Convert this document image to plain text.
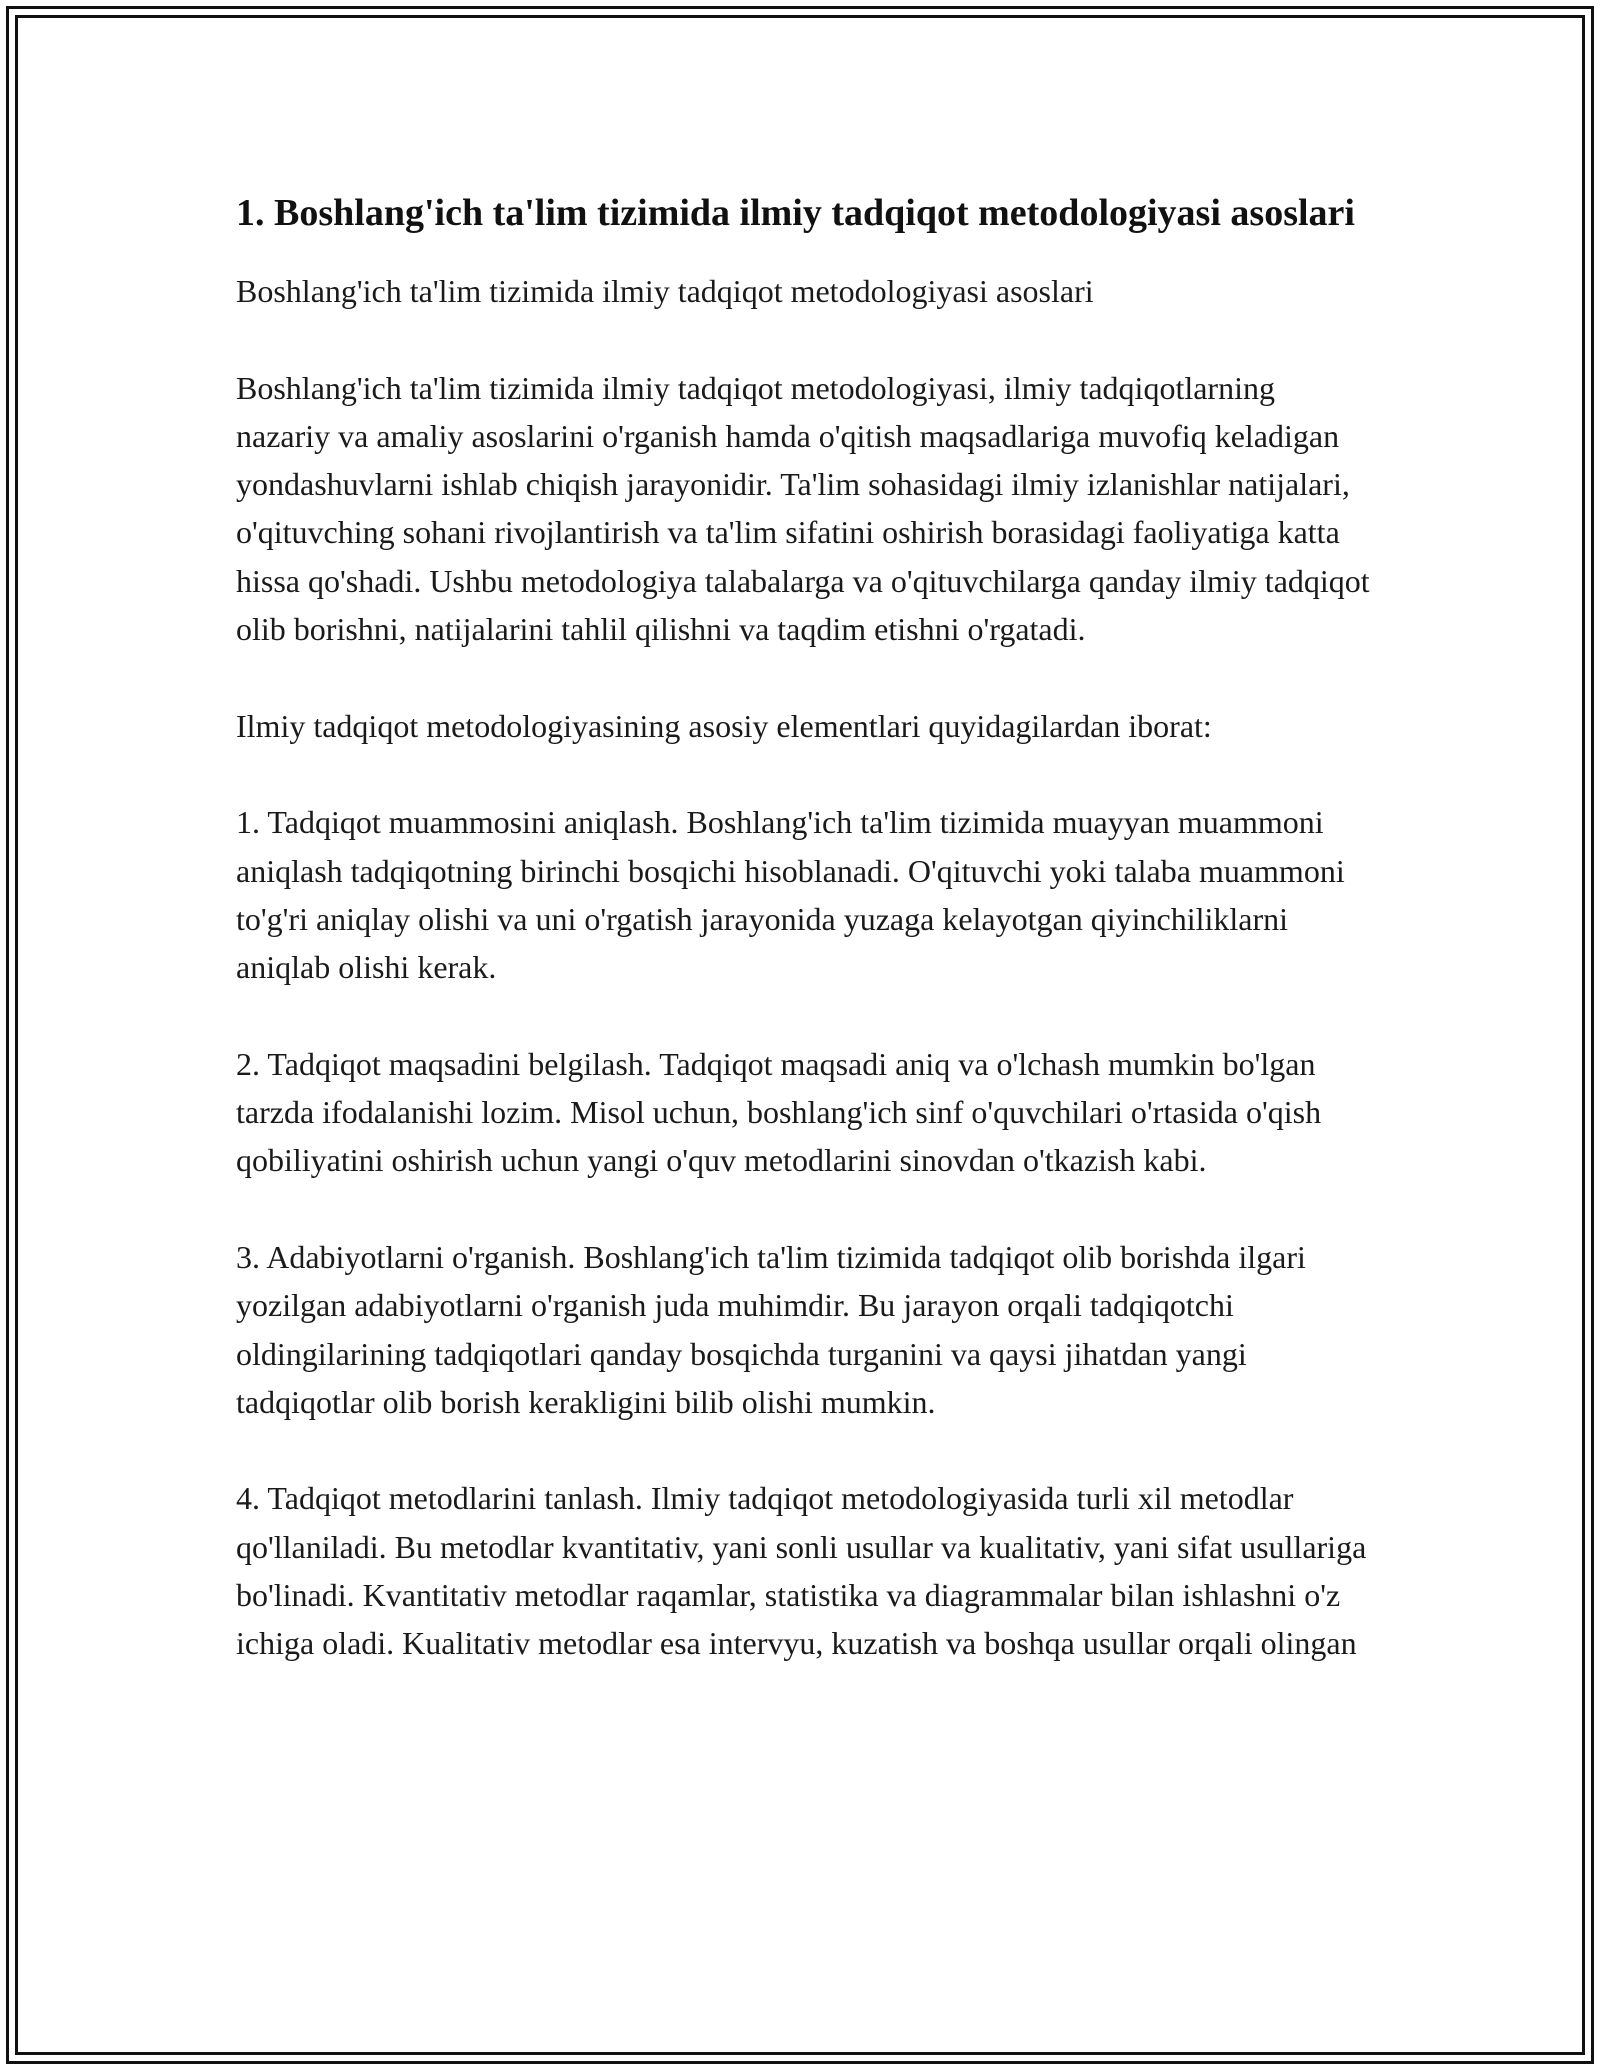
1. Boshlang'ich ta'lim tizimida ilmiy tadqiqot metodologiyasi asoslari

Boshlang'ich ta'lim tizimida ilmiy tadqiqot metodologiyasi asoslari

Boshlang'ich ta'lim tizimida ilmiy tadqiqot metodologiyasi, ilmiy tadqiqotlarning nazariy va amaliy asoslarini o'rganish hamda o'qitish maqsadlariga muvofiq keladigan yondashuvlarni ishlab chiqish jarayonidir. Ta'lim sohasidagi ilmiy izlanishlar natijalari, o'qituvching sohani rivojlantirish va ta'lim sifatini oshirish borasidagi faoliyatiga katta hissa qo'shadi. Ushbu metodologiya talabalarga va o'qituvchilarga qanday ilmiy tadqiqot olib borishni, natijalarini tahlil qilishni va taqdim etishni o'rgatadi.

Ilmiy tadqiqot metodologiyasining asosiy elementlari quyidagilardan iborat:

1. Tadqiqot muammosini aniqlash. Boshlang'ich ta'lim tizimida muayyan muammoni aniqlash tadqiqotning birinchi bosqichi hisoblanadi. O'qituvchi yoki talaba muammoni to'g'ri aniqlay olishi va uni o'rgatish jarayonida yuzaga kelayotgan qiyinchiliklarni aniqlab olishi kerak.

2. Tadqiqot maqsadini belgilash. Tadqiqot maqsadi aniq va o'lchash mumkin bo'lgan tarzda ifodalanishi lozim. Misol uchun, boshlang'ich sinf o'quvchilari o'rtasida o'qish qobiliyatini oshirish uchun yangi o'quv metodlarini sinovdan o'tkazish kabi.

3. Adabiyotlarni o'rganish. Boshlang'ich ta'lim tizimida tadqiqot olib borishda ilgari yozilgan adabiyotlarni o'rganish juda muhimdir. Bu jarayon orqali tadqiqotchi oldingilarining tadqiqotlari qanday bosqichda turganini va qaysi jihatdan yangi tadqiqotlar olib borish kerakligini bilib olishi mumkin.

4. Tadqiqot metodlarini tanlash. Ilmiy tadqiqot metodologiyasida turli xil metodlar qo'llaniladi. Bu metodlar kvantitativ, yani sonli usullar va kualitativ, yani sifat usullariga bo'linadi. Kvantitativ metodlar raqamlar, statistika va diagrammalar bilan ishlashni o'z ichiga oladi. Kualitativ metodlar esa intervyu, kuzatish va boshqa usullar orqali olingan
